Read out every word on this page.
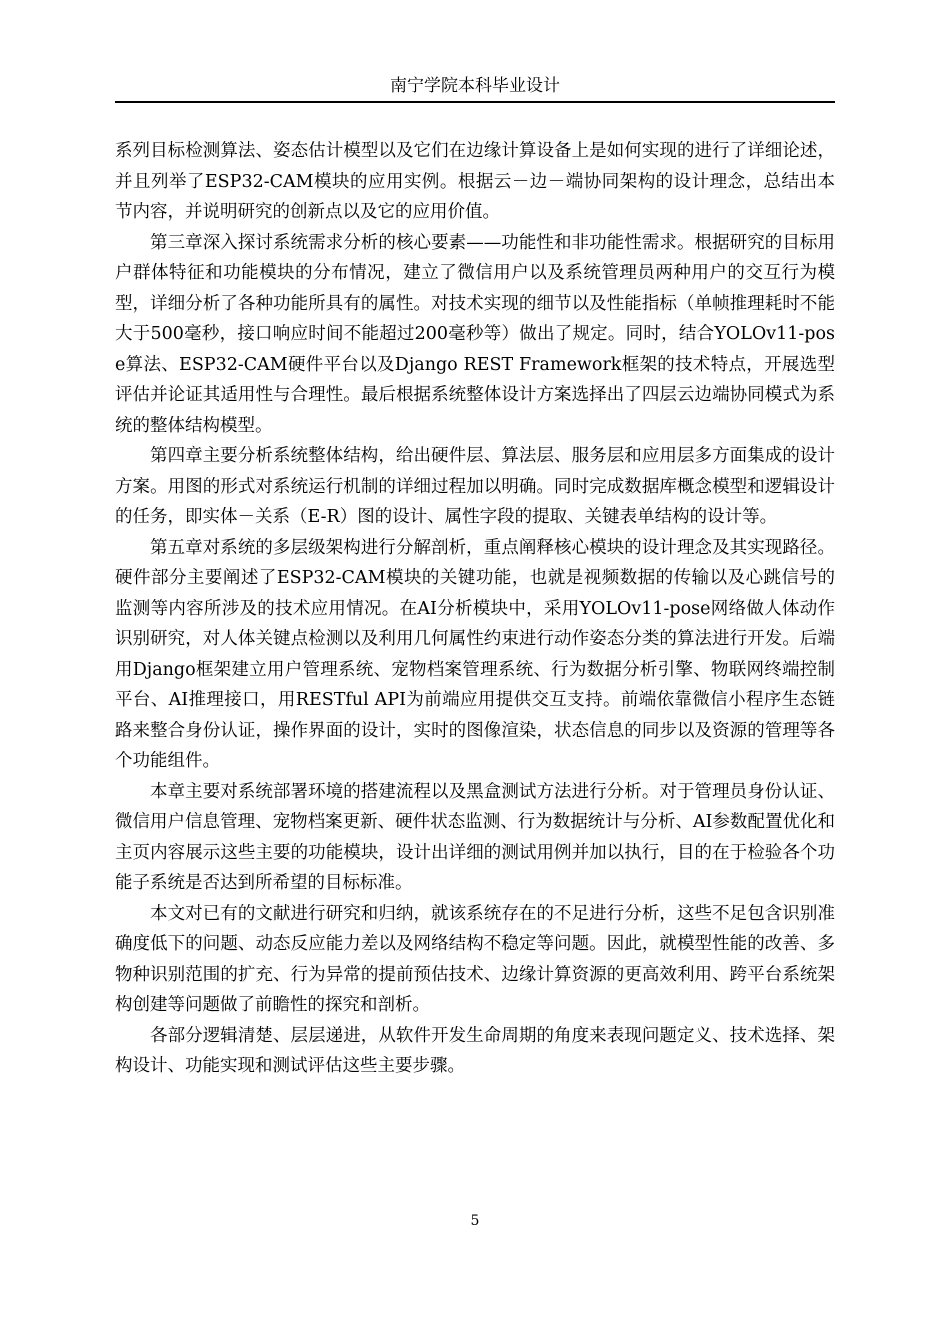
南宁学院本科毕业设计

系列目标检测算法、姿态估计模型以及它们在边缘计算设备上是如何实现的进行了详细论述，并且列举了ESP32-CAM模块的应用实例。根据云－边－端协同架构的设计理念，总结出本节内容，并说明研究的创新点以及它的应用价值。

第三章深入探讨系统需求分析的核心要素——功能性和非功能性需求。根据研究的目标用户群体特征和功能模块的分布情况，建立了微信用户以及系统管理员两种用户的交互行为模型，详细分析了各种功能所具有的属性。对技术实现的细节以及性能指标（单帧推理耗时不能大于500毫秒，接口响应时间不能超过200毫秒等）做出了规定。同时，结合YOLOv11-pose算法、ESP32-CAM硬件平台以及Django REST Framework框架的技术特点，开展选型评估并论证其适用性与合理性。最后根据系统整体设计方案选择出了四层云边端协同模式为系统的整体结构模型。

第四章主要分析系统整体结构，给出硬件层、算法层、服务层和应用层多方面集成的设计方案。用图的形式对系统运行机制的详细过程加以明确。同时完成数据库概念模型和逻辑设计的任务，即实体－关系（E-R）图的设计、属性字段的提取、关键表单结构的设计等。

第五章对系统的多层级架构进行分解剖析，重点阐释核心模块的设计理念及其实现路径。硬件部分主要阐述了ESP32-CAM模块的关键功能，也就是视频数据的传输以及心跳信号的监测等内容所涉及的技术应用情况。在AI分析模块中，采用YOLOv11-pose网络做人体动作识别研究，对人体关键点检测以及利用几何属性约束进行动作姿态分类的算法进行开发。后端用Django框架建立用户管理系统、宠物档案管理系统、行为数据分析引擎、物联网终端控制平台、AI推理接口，用RESTful API为前端应用提供交互支持。前端依靠微信小程序生态链路来整合身份认证，操作界面的设计，实时的图像渲染，状态信息的同步以及资源的管理等各个功能组件。

本章主要对系统部署环境的搭建流程以及黑盒测试方法进行分析。对于管理员身份认证、微信用户信息管理、宠物档案更新、硬件状态监测、行为数据统计与分析、AI参数配置优化和主页内容展示这些主要的功能模块，设计出详细的测试用例并加以执行，目的在于检验各个功能子系统是否达到所希望的目标标准。

本文对已有的文献进行研究和归纳，就该系统存在的不足进行分析，这些不足包含识别准确度低下的问题、动态反应能力差以及网络结构不稳定等问题。因此，就模型性能的改善、多物种识别范围的扩充、行为异常的提前预估技术、边缘计算资源的更高效利用、跨平台系统架构创建等问题做了前瞻性的探究和剖析。

各部分逻辑清楚、层层递进，从软件开发生命周期的角度来表现问题定义、技术选择、架构设计、功能实现和测试评估这些主要步骤。

5
